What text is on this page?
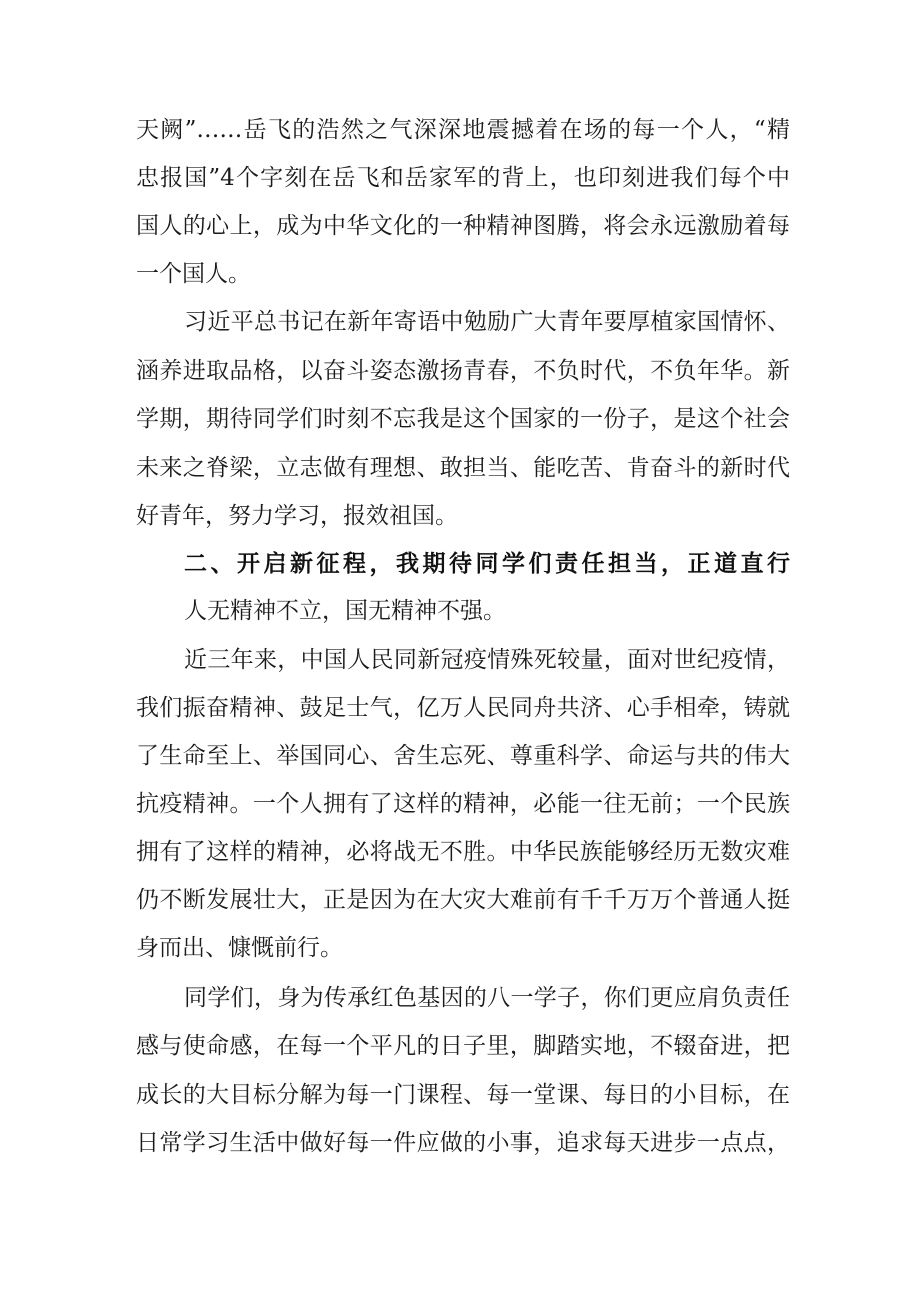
天阙”……岳飞的浩然之气深深地震撼着在场的每一个人，“精
忠报国”4个字刻在岳飞和岳家军的背上，也印刻进我们每个中
国人的心上，成为中华文化的一种精神图腾，将会永远激励着每
一个国人。
习近平总书记在新年寄语中勉励广大青年要厚植家国情怀、
涵养进取品格，以奋斗姿态激扬青春，不负时代，不负年华。新
学期，期待同学们时刻不忘我是这个国家的一份子，是这个社会
未来之脊梁，立志做有理想、敢担当、能吃苦、肯奋斗的新时代
好青年，努力学习，报效祖国。
二、开启新征程，我期待同学们责任担当，正道直行
人无精神不立，国无精神不强。
近三年来，中国人民同新冠疫情殊死较量，面对世纪疫情，
我们振奋精神、鼓足士气，亿万人民同舟共济、心手相牵，铸就
了生命至上、举国同心、舍生忘死、尊重科学、命运与共的伟大
抗疫精神。一个人拥有了这样的精神，必能一往无前；一个民族
拥有了这样的精神，必将战无不胜。中华民族能够经历无数灾难
仍不断发展壮大，正是因为在大灾大难前有千千万万个普通人挺
身而出、慷慨前行。
同学们，身为传承红色基因的八一学子，你们更应肩负责任
感与使命感，在每一个平凡的日子里，脚踏实地，不辍奋进，把
成长的大目标分解为每一门课程、每一堂课、每日的小目标，在
日常学习生活中做好每一件应做的小事，追求每天进步一点点，
